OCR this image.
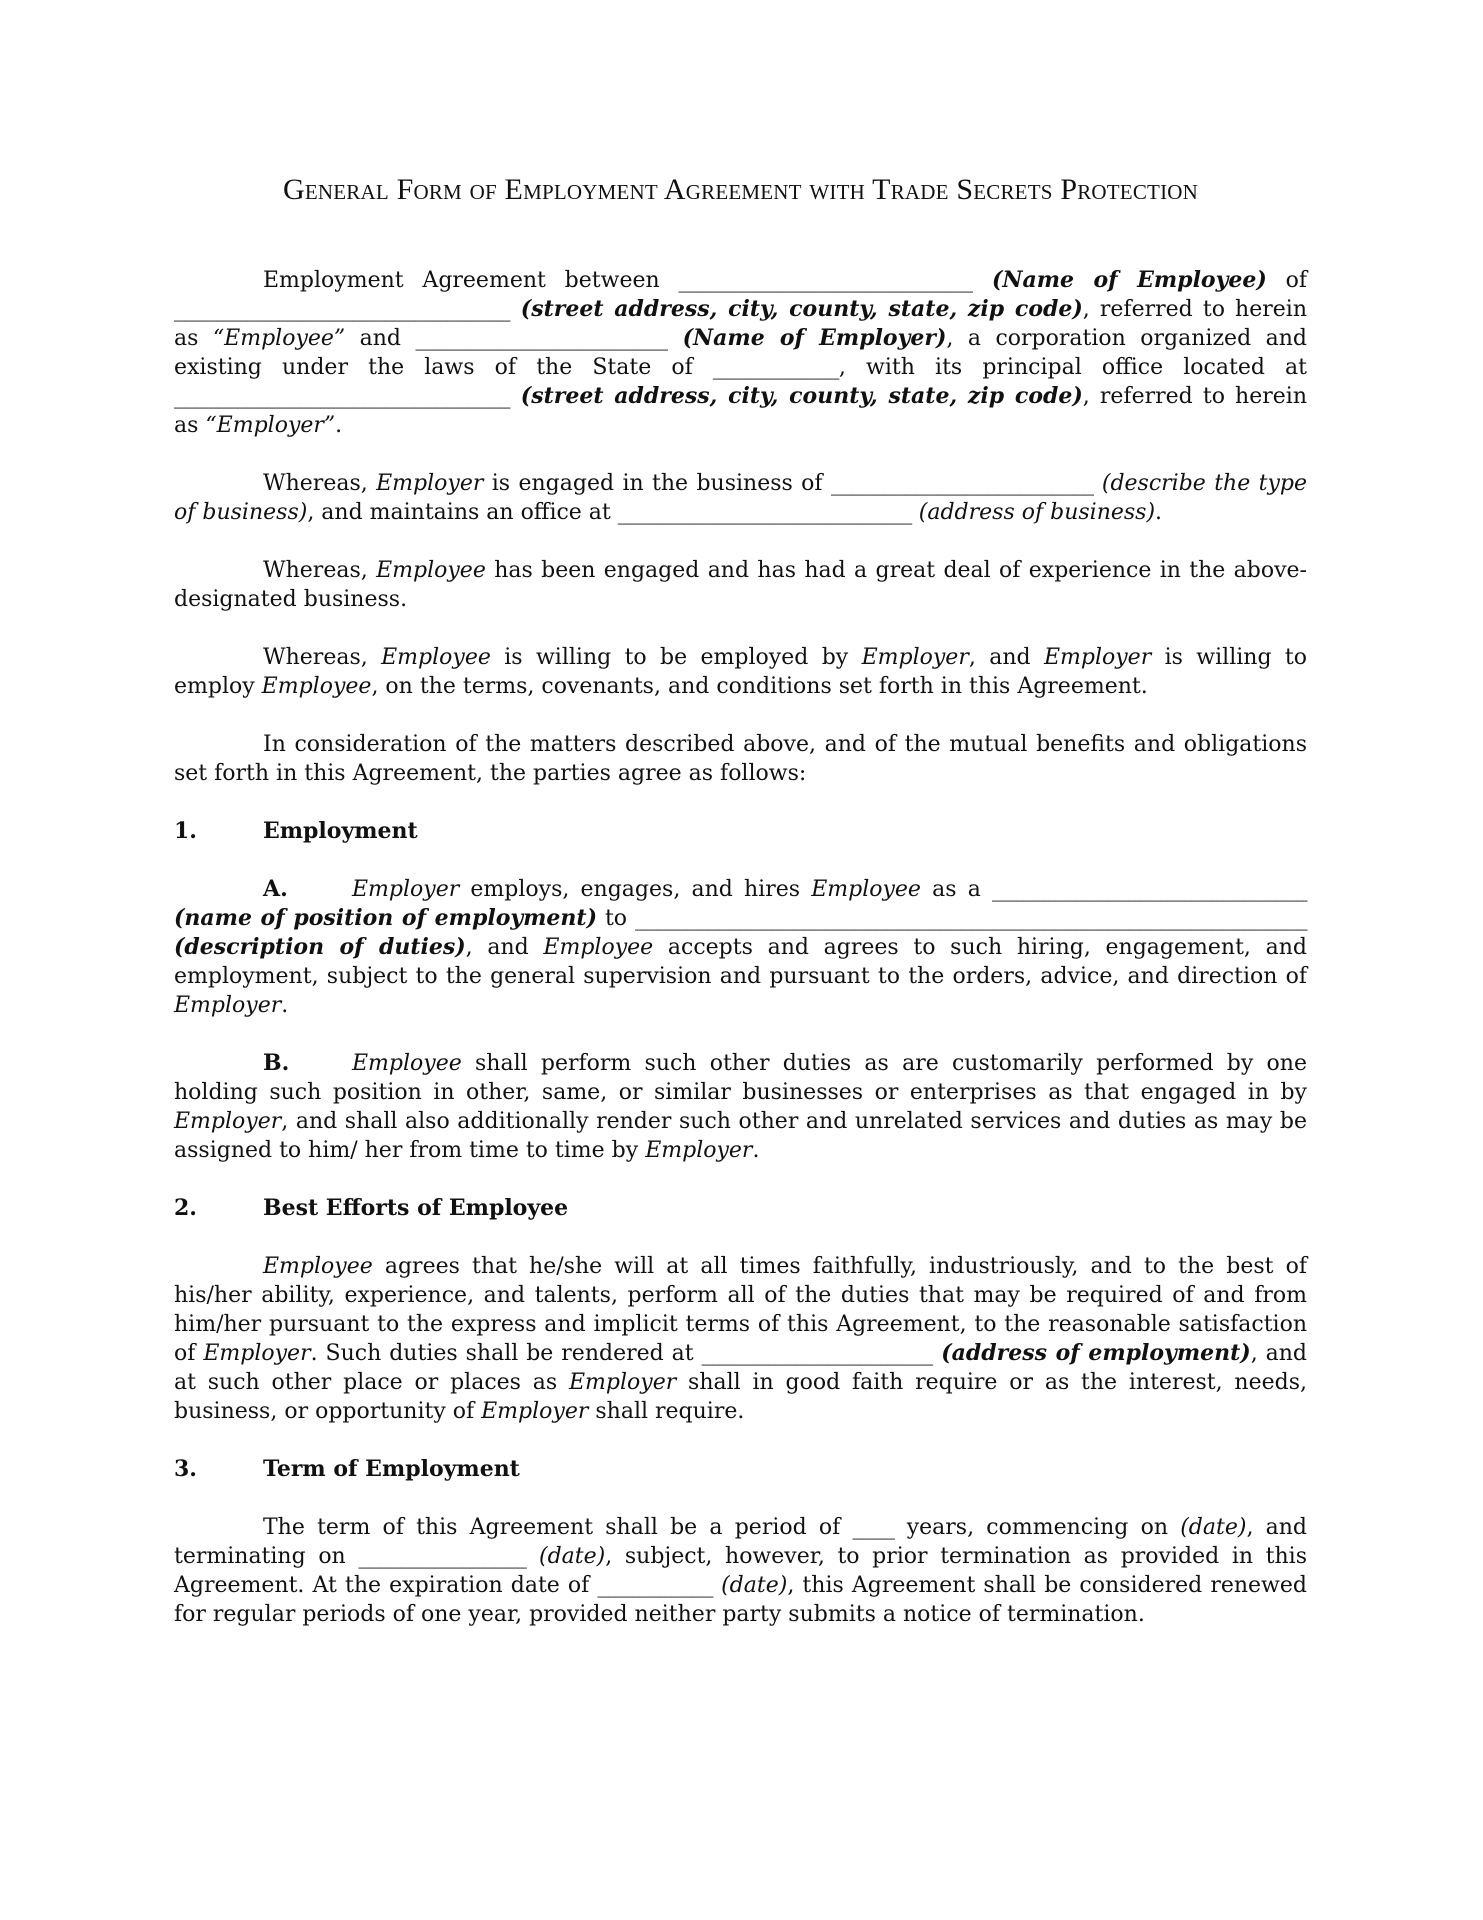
General Form of Employment Agreement with Trade Secrets Protection

Employment Agreement between ____________________________ (Name of Employee) of ________________________________ (street address, city, county, state, zip code), referred to herein as “Employee” and ________________________ (Name of Employer), a corporation organized and existing under the laws of the State of ____________, with its principal office located at ________________________________ (street address, city, county, state, zip code), referred to herein as “Employer”.

Whereas, Employer is engaged in the business of _________________________ (describe the type of business), and maintains an office at ____________________________ (address of business).

Whereas, Employee has been engaged and has had a great deal of experience in the above-designated business.

Whereas, Employee is willing to be employed by Employer, and Employer is willing to employ Employee, on the terms, covenants, and conditions set forth in this Agreement.

In consideration of the matters described above, and of the mutual benefits and obligations set forth in this Agreement, the parties agree as follows:

1.	Employment

A.	Employer employs, engages, and hires Employee as a ______________________________ (name of position of employment) to ________________________________________________________________ (description of duties), and Employee accepts and agrees to such hiring, engagement, and employment, subject to the general supervision and pursuant to the orders, advice, and direction of Employer.

B.	Employee shall perform such other duties as are customarily performed by one holding such position in other, same, or similar businesses or enterprises as that engaged in by Employer, and shall also additionally render such other and unrelated services and duties as may be assigned to him/ her from time to time by Employer.

2.	Best Efforts of Employee

Employee agrees that he/she will at all times faithfully, industriously, and to the best of his/her ability, experience, and talents, perform all of the duties that may be required of and from him/her pursuant to the express and implicit terms of this Agreement, to the reasonable satisfaction of Employer. Such duties shall be rendered at ______________________ (address of employment), and at such other place or places as Employer shall in good faith require or as the interest, needs, business, or opportunity of Employer shall require.

3.	Term of Employment

The term of this Agreement shall be a period of ____ years, commencing on (date), and terminating on ________________ (date), subject, however, to prior termination as provided in this Agreement. At the expiration date of ___________ (date), this Agreement shall be considered renewed for regular periods of one year, provided neither party submits a notice of termination.
